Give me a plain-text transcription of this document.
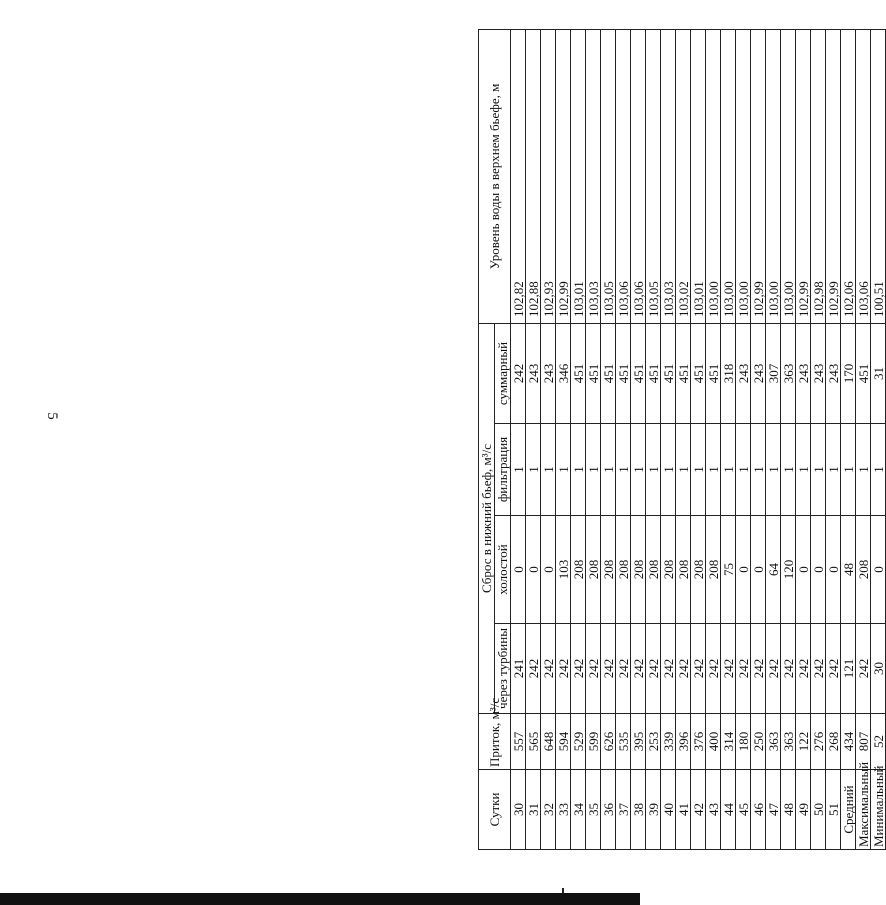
5
Сутки	Приток, м³/с	Сброс в нижний бьеф, м³/с				Уровень воды в верхнем бьефе, м
		через турбины	холостой	фильтрация	суммарный	
30	557	241	0	1	242	102,82
31	565	242	0	1	243	102,88
32	648	242	0	1	243	102,93
33	594	242	103	1	346	102,99
34	529	242	208	1	451	103,01
35	599	242	208	1	451	103,03
36	626	242	208	1	451	103,05
37	535	242	208	1	451	103,06
38	395	242	208	1	451	103,06
39	253	242	208	1	451	103,05
40	339	242	208	1	451	103,03
41	396	242	208	1	451	103,02
42	376	242	208	1	451	103,01
43	400	242	208	1	451	103,00
44	314	242	75	1	318	103,00
45	180	242	0	1	243	103,00
46	250	242	0	1	243	102,99
47	363	242	64	1	307	103,00
48	363	242	120	1	363	103,00
49	122	242	0	1	243	102,99
50	276	242	0	1	243	102,98
51	268	242	0	1	243	102,99
Средний	434	121	48	1	170	102,06
Максимальный	807	242	208	1	451	103,06
Минимальный	52	30	0	1	31	100,51
